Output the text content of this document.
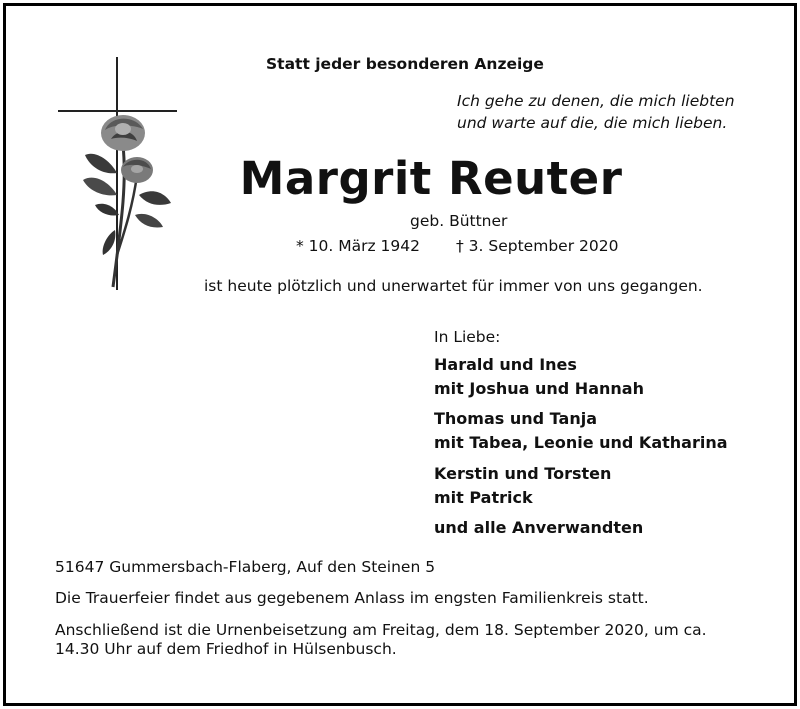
Statt jeder besonderen Anzeige
Ich gehe zu denen, die mich liebten
und warte auf die, die mich lieben.
Margrit Reuter
geb. Büttner
* 10. März 1942 † 3. September 2020
ist heute plötzlich und unerwartet für immer von uns gegangen.
In Liebe:
Harald und Ines
mit Joshua und Hannah
Thomas und Tanja
mit Tabea, Leonie und Katharina
Kerstin und Torsten
mit Patrick
und alle Anverwandten
51647 Gummersbach-Flaberg, Auf den Steinen 5
Die Trauerfeier findet aus gegebenem Anlass im engsten Familienkreis statt.
Anschließend ist die Urnenbeisetzung am Freitag, dem 18. September 2020, um ca.
14.30 Uhr auf dem Friedhof in Hülsenbusch.
